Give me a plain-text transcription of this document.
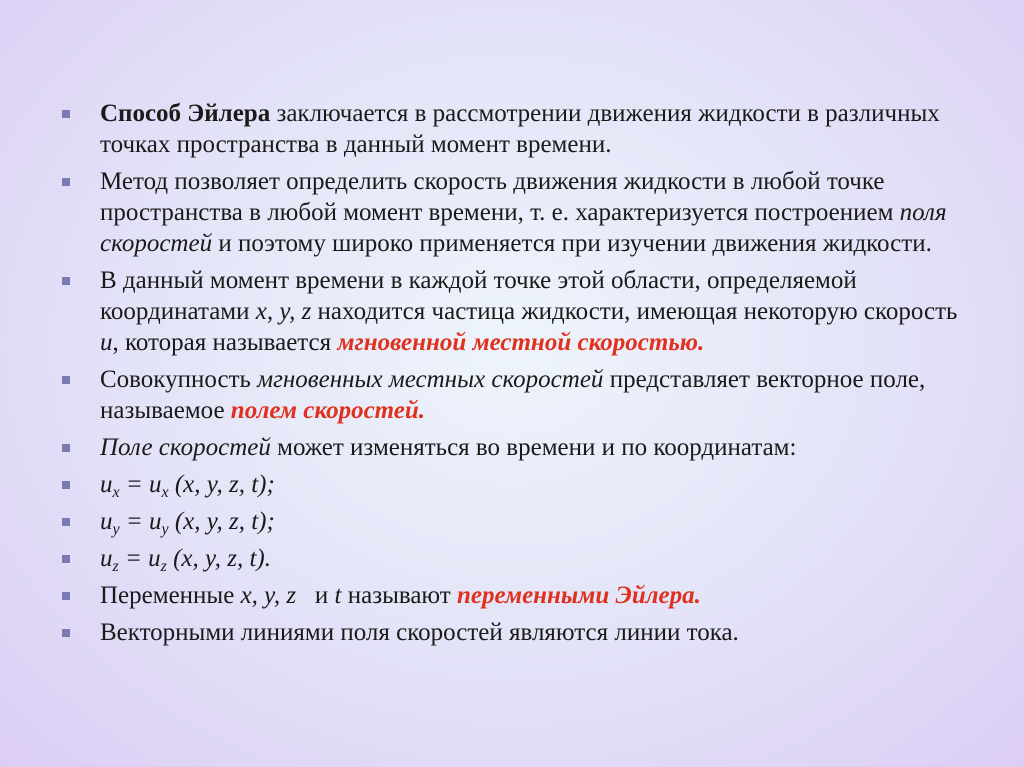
Способ Эйлера заключается в рассмотрении движения жидкости в различных точках пространства в данный момент времени.
Метод позволяет определить скорость движения жидкости в любой точке пространства в любой момент времени, т. е. характеризуется построением поля скоростей и поэтому широко применяется при изучении движения жидкости.
В данный момент времени в каждой точке этой области, определяемой координатами x, y, z находится частица жидкости, имеющая некоторую скорость u, которая называется мгновенной местной скоростью.
Совокупность мгновенных местных скоростей представляет векторное поле, называемое полем скоростей.
Поле скоростей может изменяться во времени и по координатам:
$u_x = u_x$ (x, y, z, t);
$u_y = u_y$ (x, y, z, t);
$u_z = u_z$ (x, y, z, t).
Переменные x, y, z   и t называют переменными Эйлера.
Векторными линиями поля скоростей являются линии тока.
